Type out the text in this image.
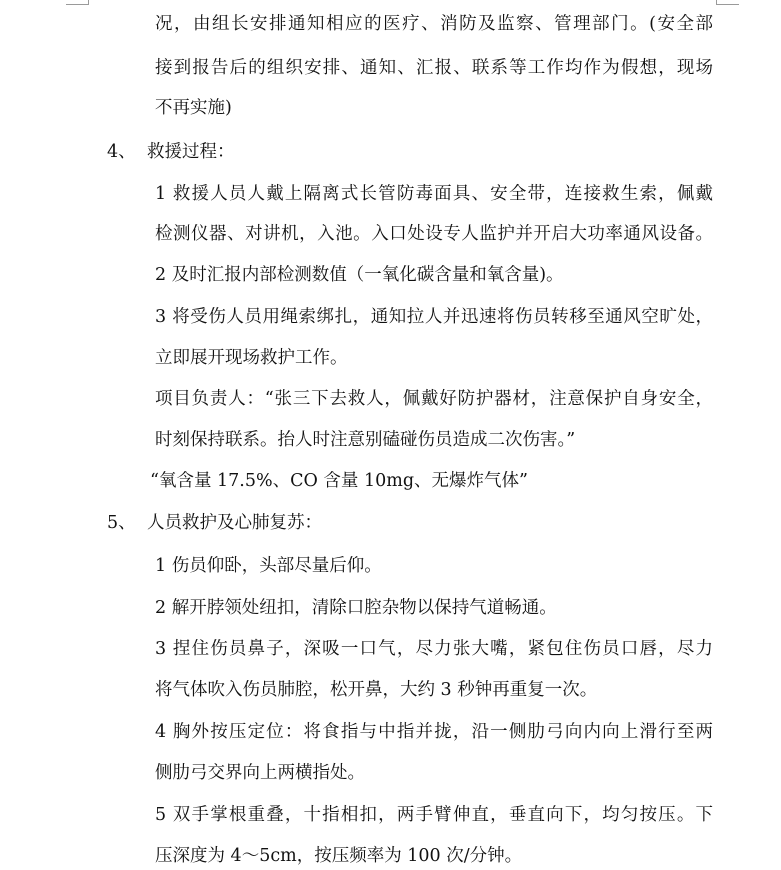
况，由组长安排通知相应的医疗、消防及监察、管理部门。(安全部
接到报告后的组织安排、通知、汇报、联系等工作均作为假想，现场
不再实施)
4、 救援过程：
1 救援人员人戴上隔离式长管防毒面具、安全带，连接救生索，佩戴
检测仪器、对讲机，入池。入口处设专人监护并开启大功率通风设备。
2 及时汇报内部检测数值（一氧化碳含量和氧含量)。
3 将受伤人员用绳索绑扎，通知拉人并迅速将伤员转移至通风空旷处，
立即展开现场救护工作。
项目负责人：“张三下去救人，佩戴好防护器材，注意保护自身安全，
时刻保持联系。抬人时注意别磕碰伤员造成二次伤害。”
“氧含量 17.5%、CO 含量 10mg、无爆炸气体”
5、 人员救护及心肺复苏：
1 伤员仰卧，头部尽量后仰。
2 解开脖领处纽扣，清除口腔杂物以保持气道畅通。
3 捏住伤员鼻子，深吸一口气，尽力张大嘴，紧包住伤员口唇，尽力
将气体吹入伤员肺腔，松开鼻，大约 3 秒钟再重复一次。
4 胸外按压定位：将食指与中指并拢，沿一侧肋弓向内向上滑行至两
侧肋弓交界向上两横指处。
5 双手掌根重叠，十指相扣，两手臂伸直，垂直向下，均匀按压。下
压深度为 4～5cm，按压频率为 100 次/分钟。
